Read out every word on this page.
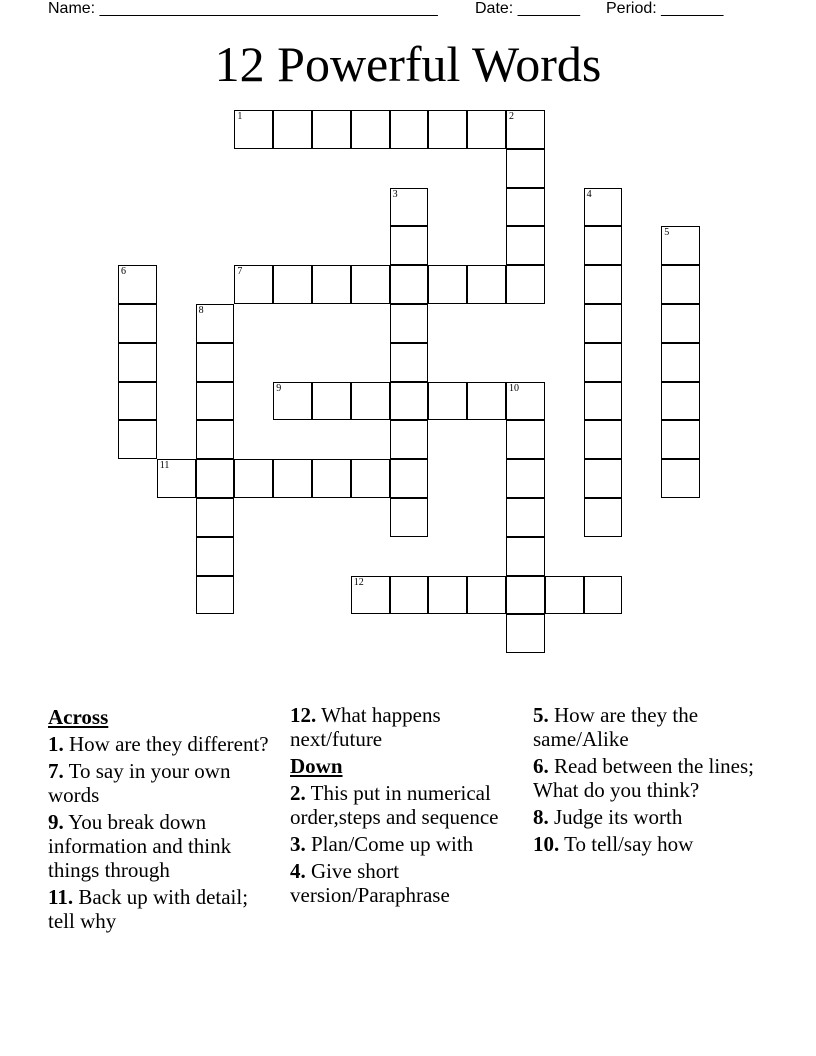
Name: ______________________________________

Date: _______

Period: _______

12 Powerful Words
1	2
3	4
5
6	7
8
9	10
11
12
Across
1. How are they different?
7. To say in your own words
9. You break down information and think things through
11. Back up with detail; tell why
12. What happens next/future
Down
2. This put in numerical order,steps and sequence
3. Plan/Come up with
4. Give short version/Paraphrase
5. How are they the same/Alike
6. Read between the lines; What do you think?
8. Judge its worth
10. To tell/say how
